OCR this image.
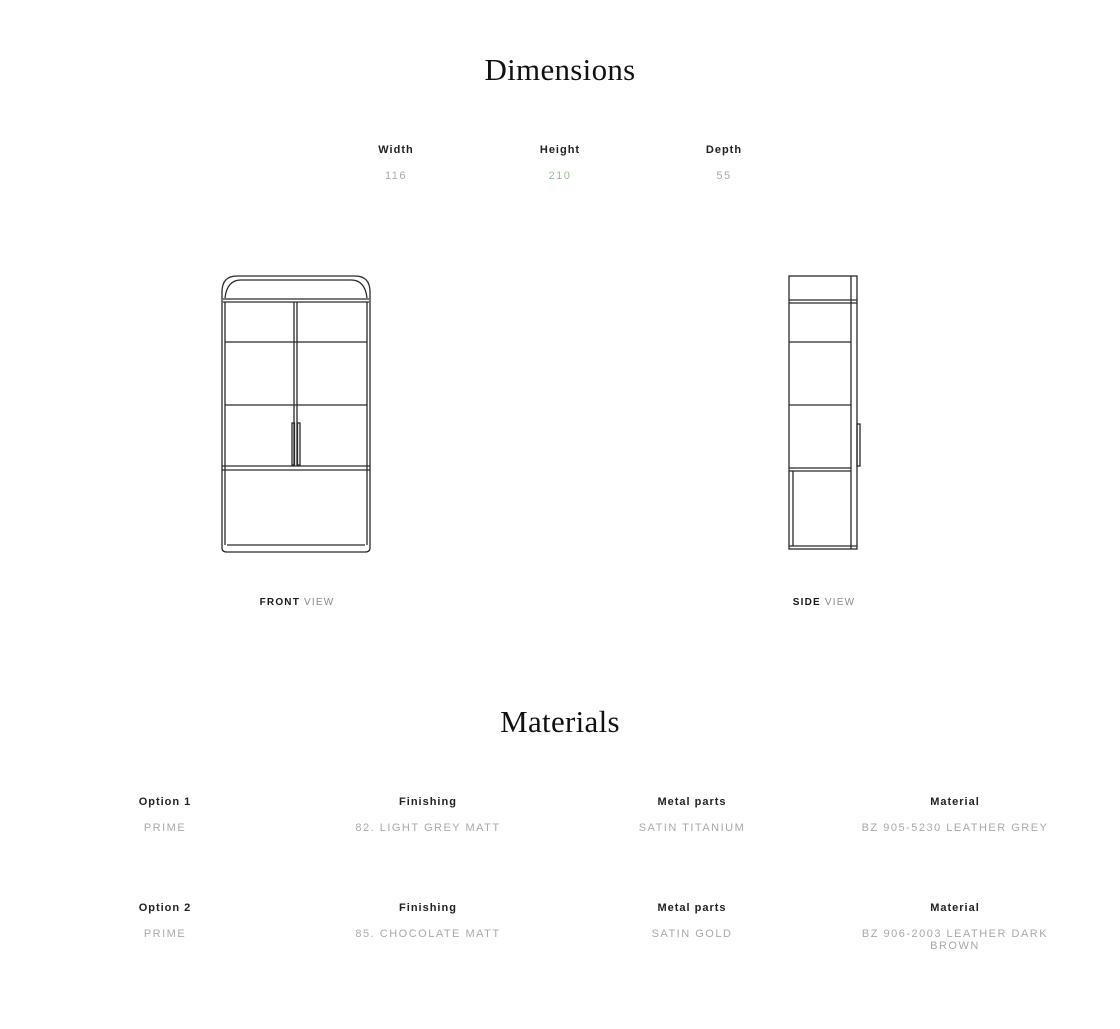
Dimensions
Width
116
Height
210
Depth
55
FRONT VIEW	SIDE VIEW
Materials
Option 1
PRIME
Finishing
82. LIGHT GREY MATT
Metal parts
SATIN TITANIUM
Material
BZ 905-5230 LEATHER GREY
Option 2
PRIME
Finishing
85. CHOCOLATE MATT
Metal parts
SATIN GOLD
Material
BZ 906-2003 LEATHER DARK BROWN
